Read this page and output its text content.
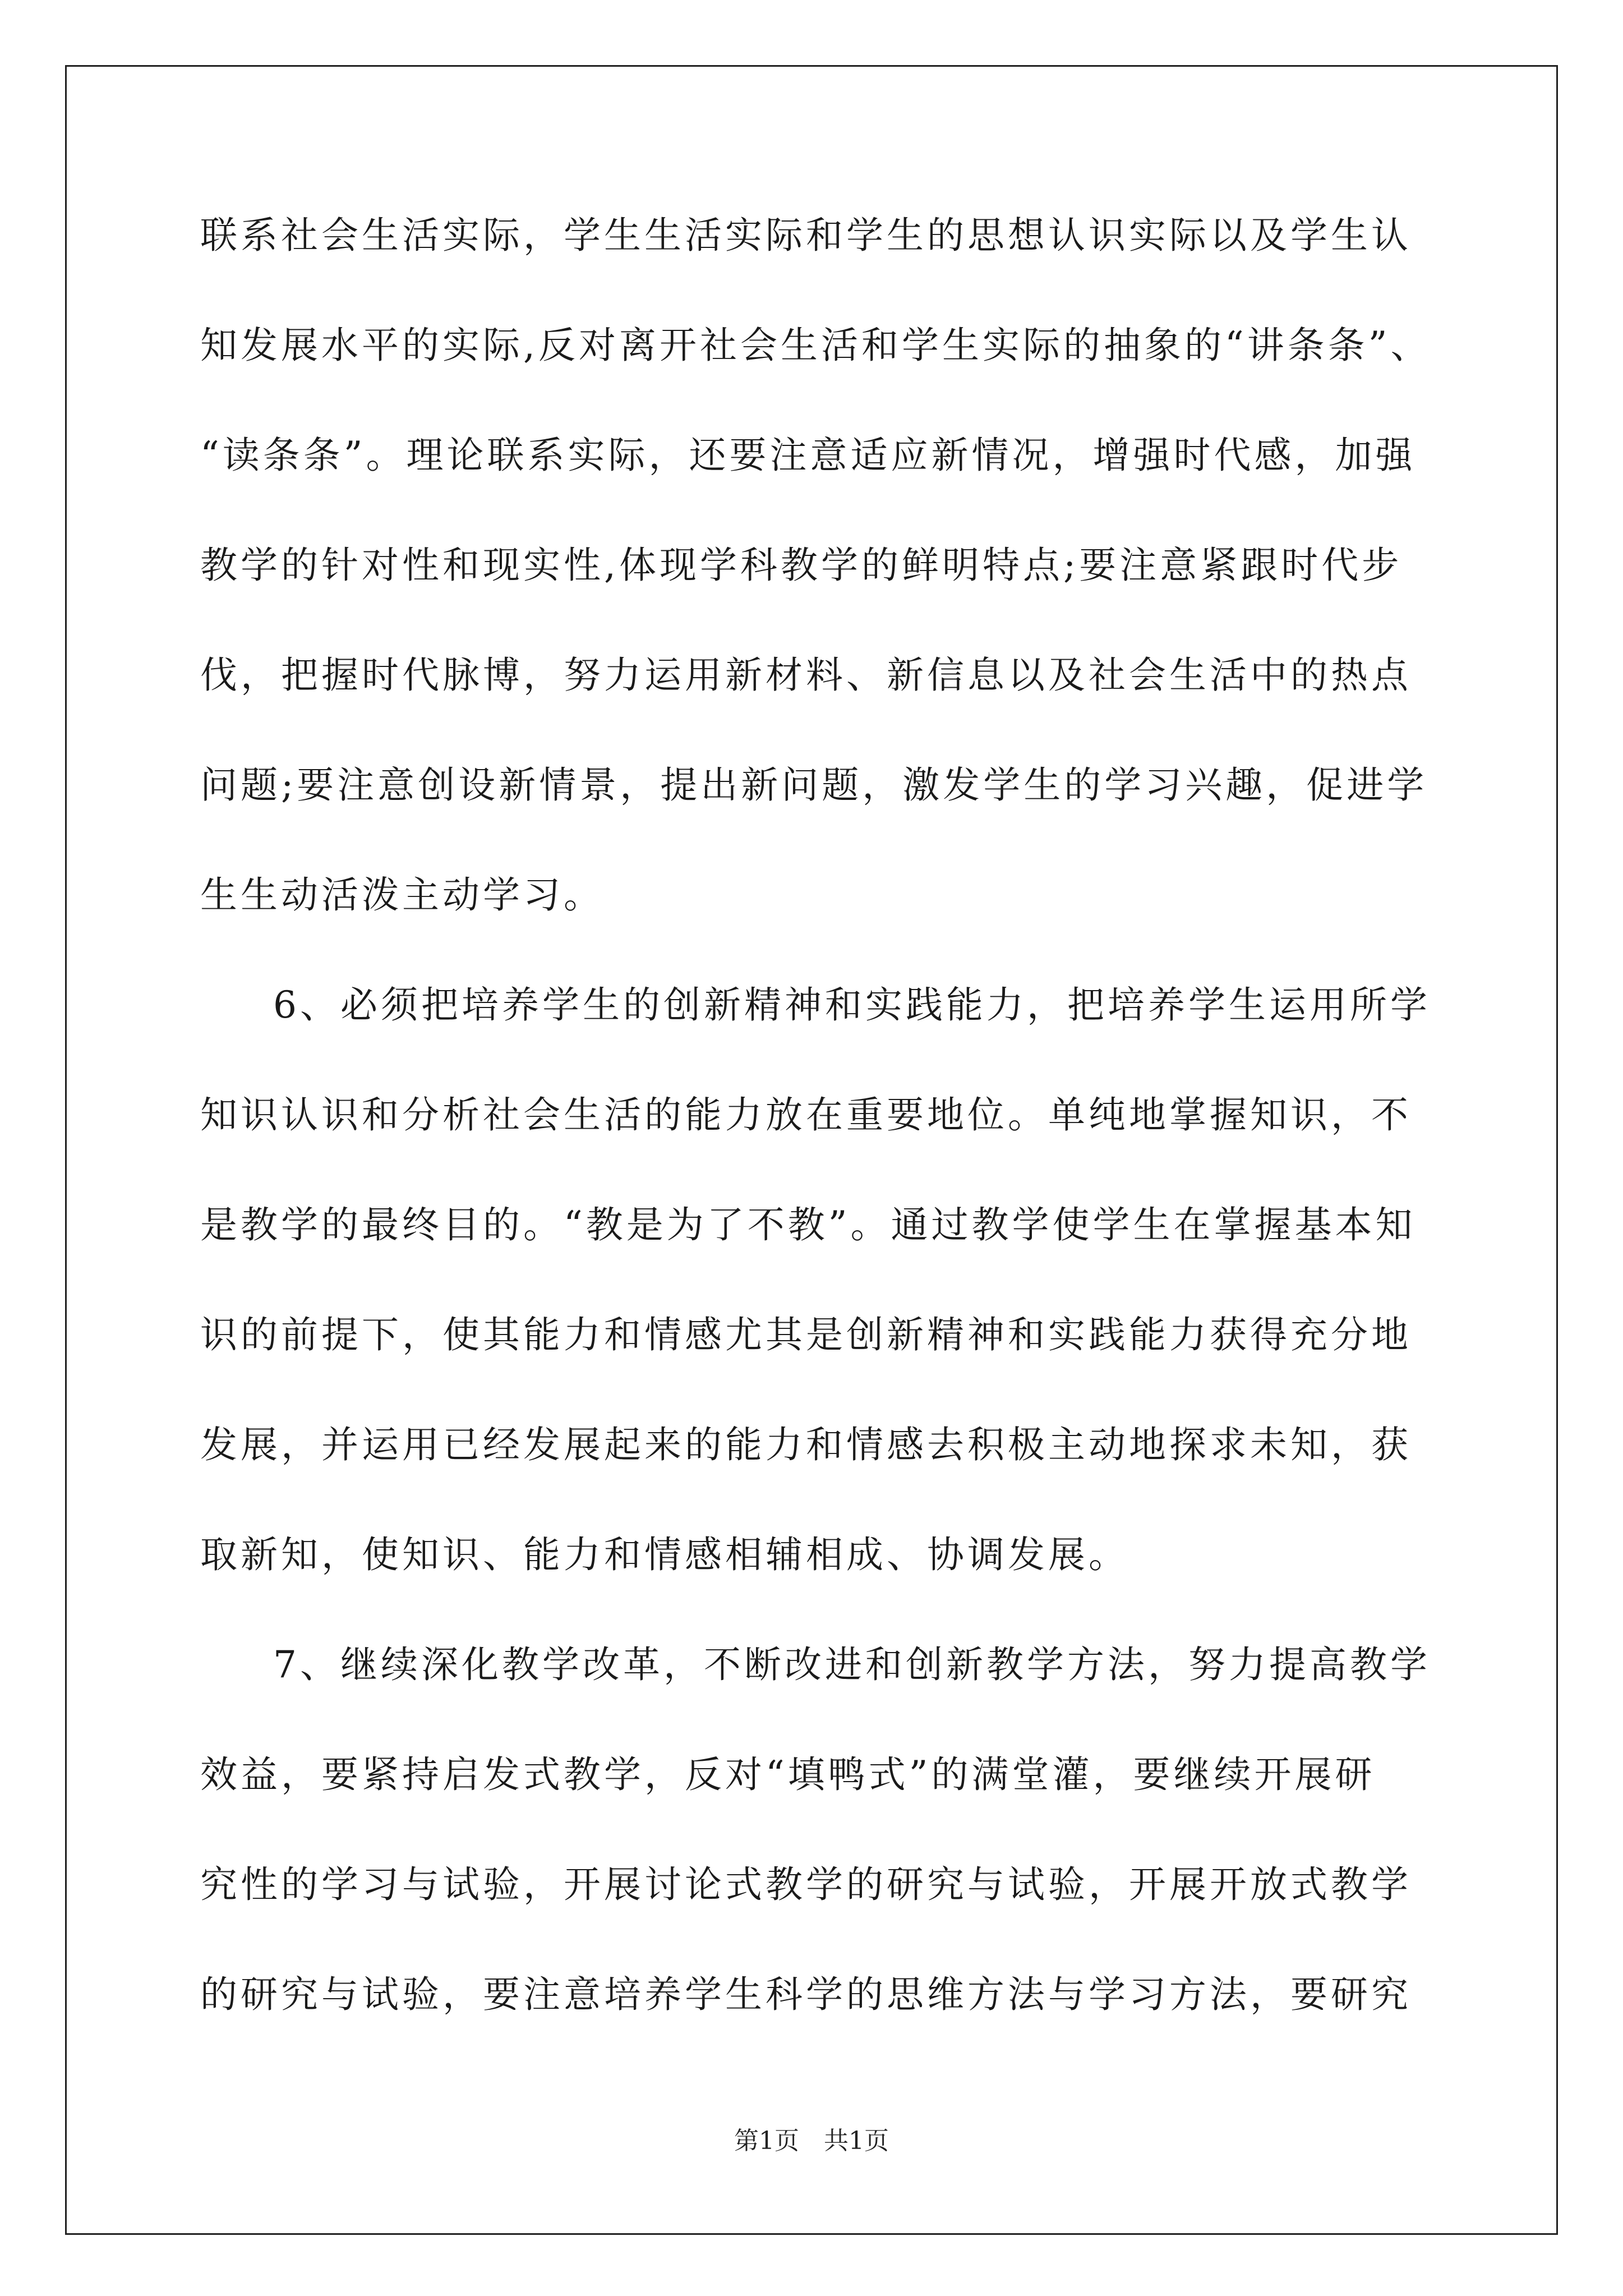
联系社会生活实际，学生生活实际和学生的思想认识实际以及学生认
知发展水平的实际,反对离开社会生活和学生实际的抽象的“讲条条”、
“读条条”。理论联系实际，还要注意适应新情况，增强时代感，加强
教学的针对性和现实性,体现学科教学的鲜明特点;要注意紧跟时代步
伐，把握时代脉博，努力运用新材料、新信息以及社会生活中的热点
问题;要注意创设新情景，提出新问题，激发学生的学习兴趣，促进学
生生动活泼主动学习。
6、必须把培养学生的创新精神和实践能力，把培养学生运用所学
知识认识和分析社会生活的能力放在重要地位。单纯地掌握知识，不
是教学的最终目的。“教是为了不教”。通过教学使学生在掌握基本知
识的前提下，使其能力和情感尤其是创新精神和实践能力获得充分地
发展，并运用已经发展起来的能力和情感去积极主动地探求未知，获
取新知，使知识、能力和情感相辅相成、协调发展。
7、继续深化教学改革，不断改进和创新教学方法，努力提高教学
效益，要紧持启发式教学，反对“填鸭式”的满堂灌，要继续开展研
究性的学习与试验，开展讨论式教学的研究与试验，开展开放式教学
的研究与试验，要注意培养学生科学的思维方法与学习方法，要研究
第1页　共1页
